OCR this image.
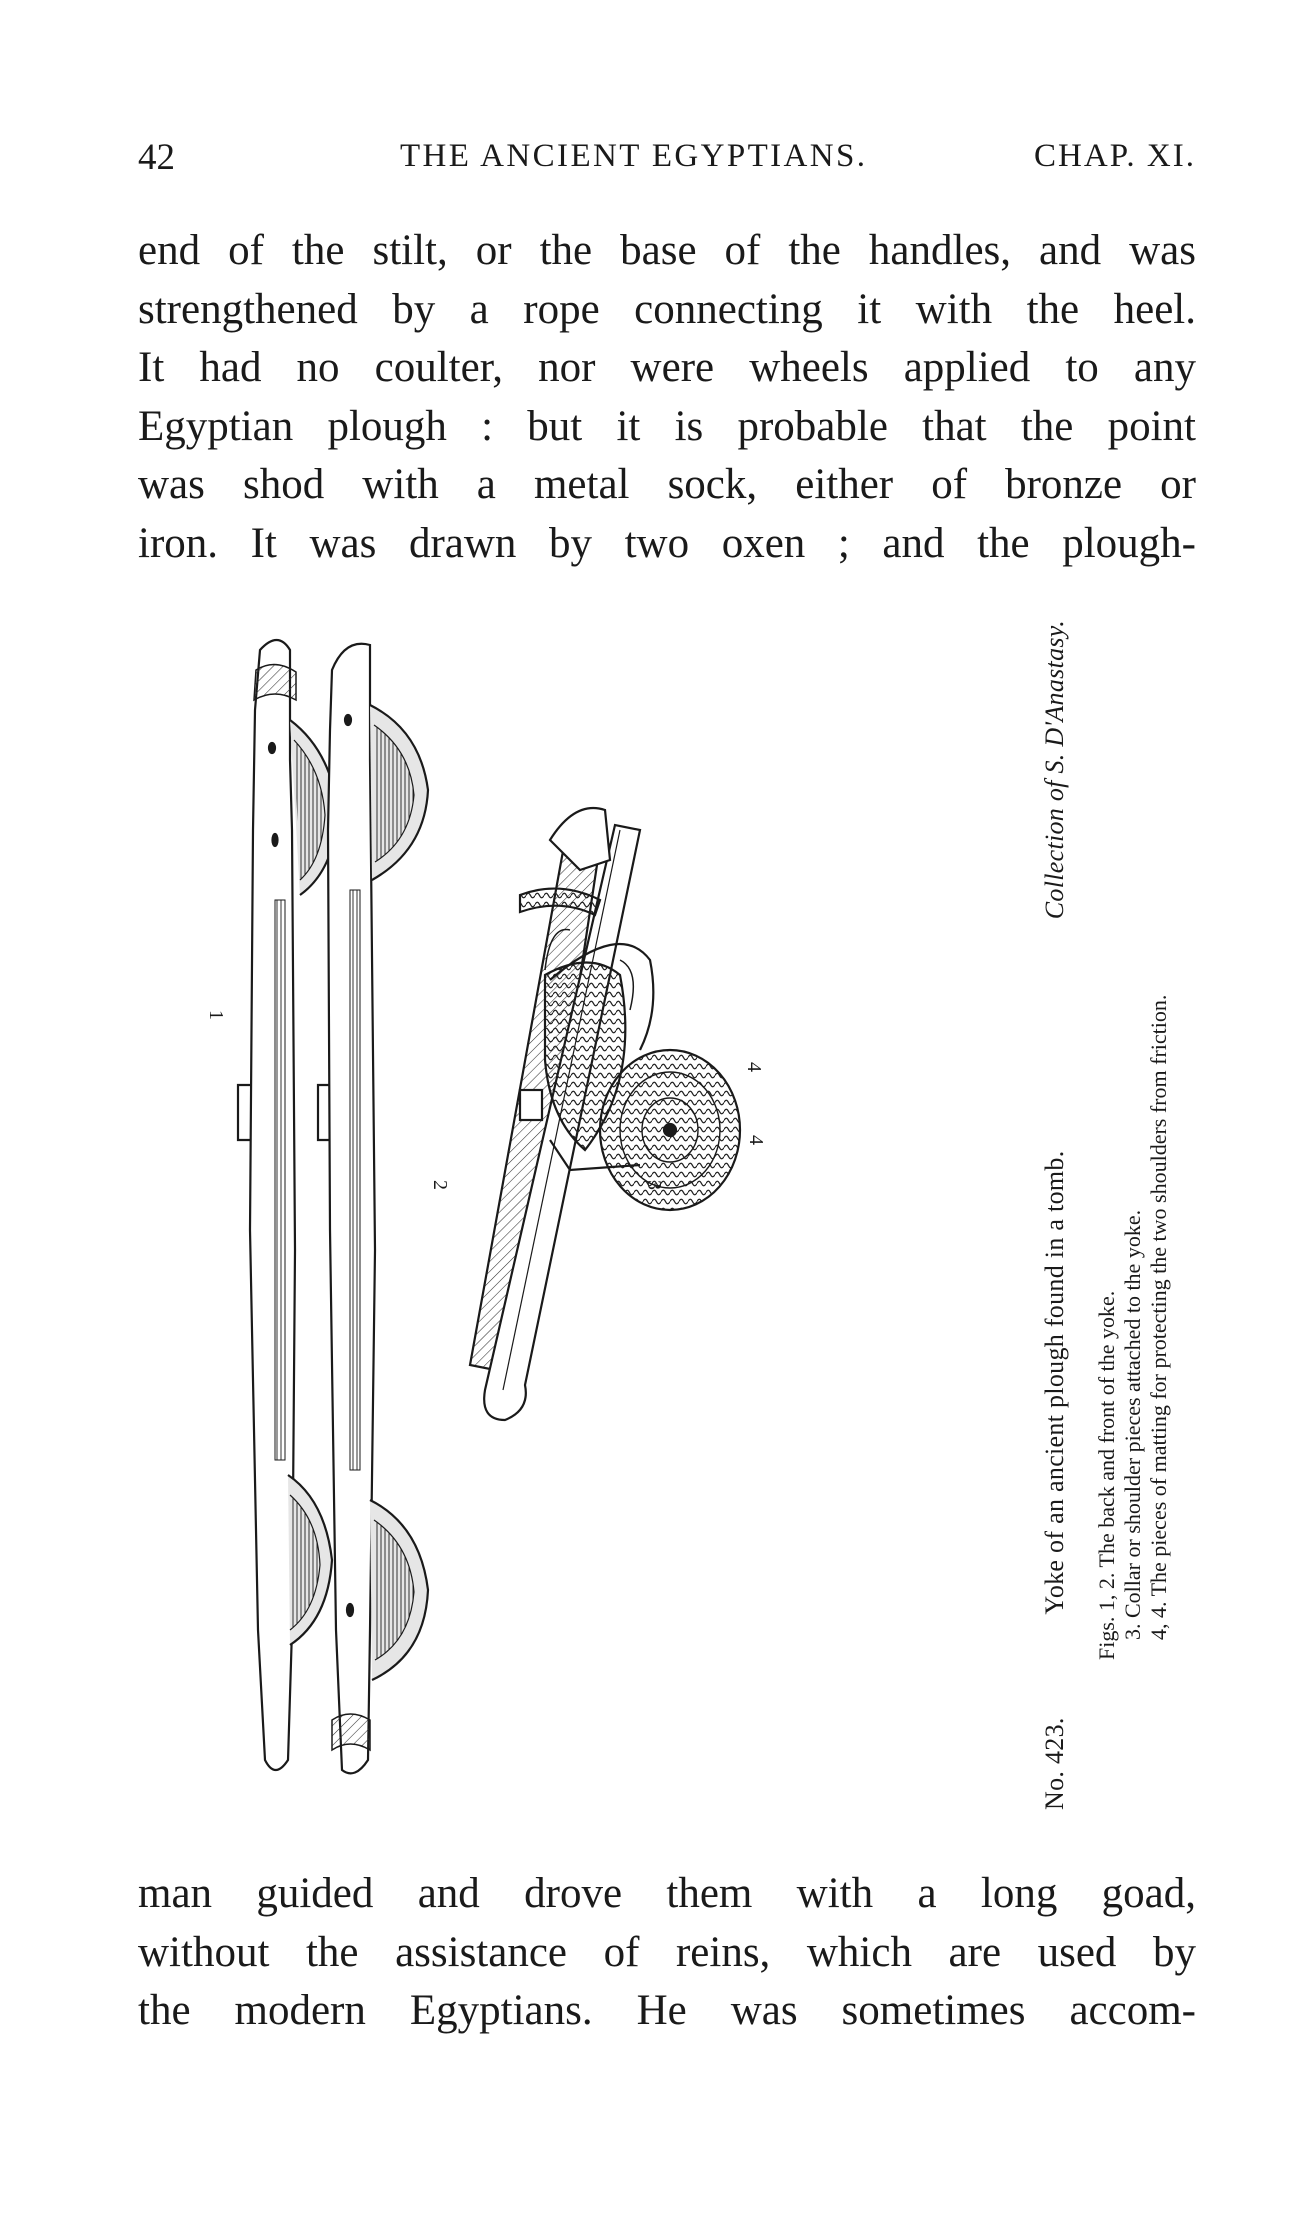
42	THE ANCIENT EGYPTIANS.	CHAP. XI.
end of the stilt, or the base of the handles, and was
strengthened by a rope connecting it with the heel.
It had no coulter, nor were wheels applied to any
Egyptian plough : but it is probable that the point
was shod with a metal sock, either of bronze or
iron. It was drawn by two oxen ; and the plough-
1
2	3
4
4
No. 423.  Yoke of an ancient plough found in a tomb.
Collection of S. D'Anastasy.
Figs. 1, 2. The back and front of the yoke. 3. Collar or shoulder pieces attached to the yoke. 4, 4. The pieces of matting for protecting the two shoulders from friction.
man guided and drove them with a long goad,
without the assistance of reins, which are used by
the modern Egyptians. He was sometimes accom-
